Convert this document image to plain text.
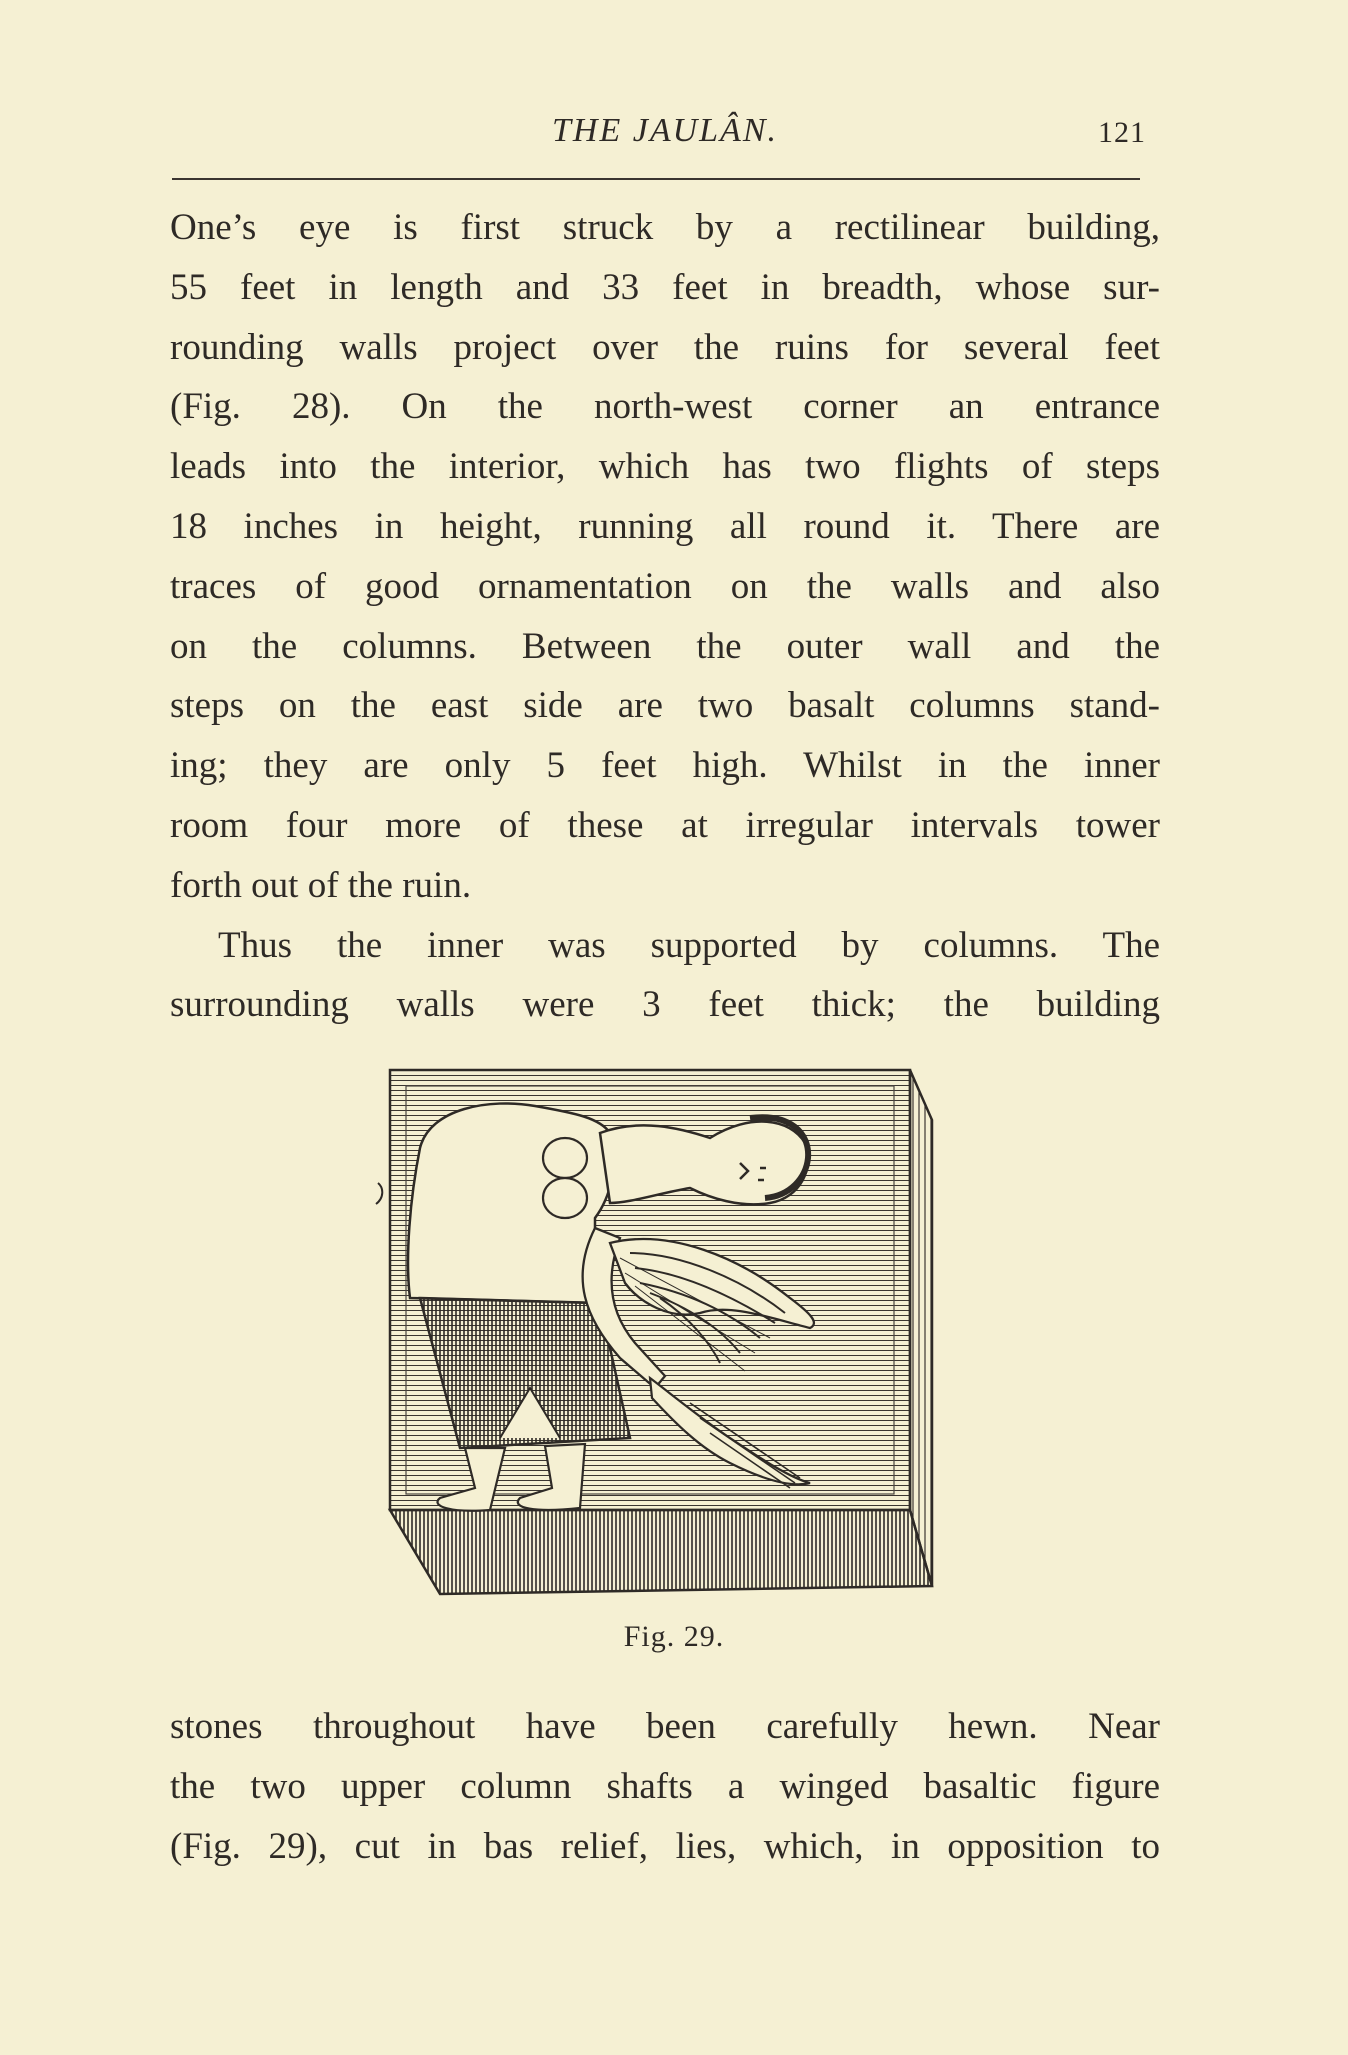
THE JAULÂN.	121
One’s eye is first struck by a rectilinear building,
55 feet in length and 33 feet in breadth, whose sur-
rounding walls project over the ruins for several feet
(Fig. 28). On the north-west corner an entrance
leads into the interior, which has two flights of steps
18 inches in height, running all round it. There are
traces of good ornamentation on the walls and also
on the columns. Between the outer wall and the
steps on the east side are two basalt columns stand-
ing; they are only 5 feet high. Whilst in the inner
room four more of these at irregular intervals tower
forth out of the ruin.
Thus the inner was supported by columns. The
surrounding walls were 3 feet thick; the building
Fig. 29.
stones throughout have been carefully hewn. Near
the two upper column shafts a winged basaltic figure
(Fig. 29), cut in bas relief, lies, which, in opposition to
